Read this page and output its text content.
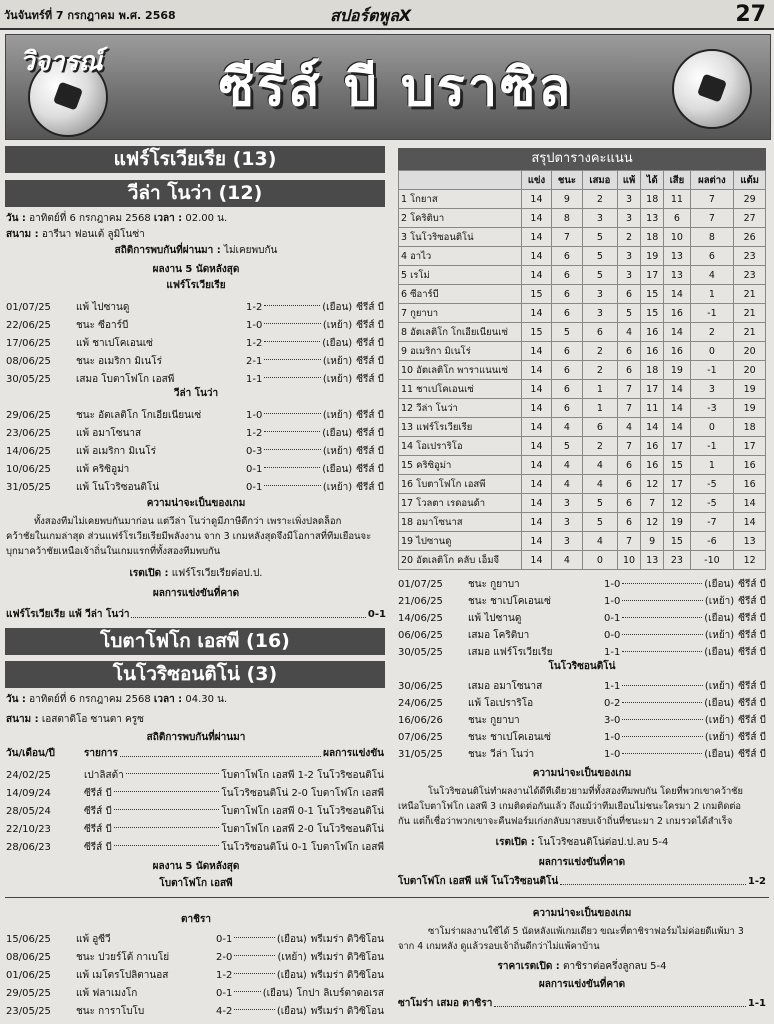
วันจันทร์ที่ 7 กรกฎาคม พ.ศ. 2568	สปอร์ตพูลX	27
วิจารณ์	ซีรีส์ บี บราซิล
แฟร์โรเวียเรีย (13)
วีล่า โนว่า (12)
วัน : อาทิตย์ที่ 6 กรกฎาคม 2568 เวลา : 02.00 น.
สนาม : อารีนา ฟอนเต้ ลูมิโนซ่า
สถิติการพบกันที่ผ่านมา : ไม่เคยพบกัน
ผลงาน 5 นัดหลังสุด
แฟร์โรเวียเรีย
01/07/25	แพ้ ไปซานดู	1-2	(เยือน) ซีรีส์ บี
22/06/25	ชนะ ซีอาร์บี	1-0	(เหย้า) ซีรีส์ บี
17/06/25	แพ้ ชาเปโคเอนเซ่	1-2	(เยือน) ซีรีส์ บี
08/06/25	ชนะ อเมริกา มิเนโร่	2-1	(เหย้า) ซีรีส์ บี
30/05/25	เสมอ โบตาโฟโก เอสพี	1-1	(เหย้า) ซีรีส์ บี
วีล่า โนว่า
29/06/25	ชนะ อัตเลติโก โกเอียเนียนเซ่	1-0	(เหย้า) ซีรีส์ บี
23/06/25	แพ้ อมาโซนาส	1-2	(เยือน) ซีรีส์ บี
14/06/25	แพ้ อเมริกา มิเนโร่	0-3	(เหย้า) ซีรีส์ บี
10/06/25	แพ้ คริซิอูม่า	0-1	(เยือน) ซีรีส์ บี
31/05/25	แพ้ โนโวริซอนติโน่	0-1	(เหย้า) ซีรีส์ บี
ความน่าจะเป็นของเกม
ทั้งสองทีมไม่เคยพบกันมาก่อน แต่วีล่า โนว่าดูมีภาษีดีกว่า เพราะเพิ่งปลดล็อก
คว้าชัยในเกมล่าสุด ส่วนแฟร์โรเวียเรียมีพลังงาน จาก 3 เกมหลังสุดจึงมีโอกาสที่ทีมเยือนจะ
บุกมาคว้าชัยเหนือเจ้าถิ่นในเกมแรกที่ทั้งสองทีมพบกัน
เรตเปิด : แฟร์โรเวียเรียต่อป.ป.
ผลการแข่งขันที่คาด
แฟร์โรเวียเรีย แพ้ วีล่า โนว่า	0-1
โบตาโฟโก เอสพี (16)
โนโวริซอนติโน่ (3)
วัน : อาทิตย์ที่ 6 กรกฎาคม 2568 เวลา : 04.30 น.
สนาม : เอสตาดิโอ ซานตา ครูซ
สถิติการพบกันที่ผ่านมา
วัน/เดือน/ปี	รายการ	ผลการแข่งขัน
24/02/25	เปาลิสต้า	โบตาโฟโก เอสพี 1-2 โนโวริซอนติโน่
14/09/24	ซีรีส์ บี	โนโวริซอนติโน่ 2-0 โบตาโฟโก เอสพี
28/05/24	ซีรีส์ บี	โบตาโฟโก เอสพี 0-1 โนโวริซอนติโน่
22/10/23	ซีรีส์ บี	โบตาโฟโก เอสพี 2-0 โนโวริซอนติโน่
28/06/23	ซีรีส์ บี	โนโวริซอนติโน่ 0-1 โบตาโฟโก เอสพี
ผลงาน 5 นัดหลังสุด
โบตาโฟโก เอสพี
ตาชิรา
15/06/25	แพ้ อูซีวี	0-1	(เยือน) พรีเมร่า ดิวิซิโอน
08/06/25	ชนะ ปวยร์โต้ กาเบโย่	2-0	(เหย้า) พรีเมร่า ดิวิซิโอน
01/06/25	แพ้ เมโตรโปลิตานอส	1-2	(เยือน) พรีเมร่า ดิวิซิโอน
29/05/25	แพ้ ฟลาเมงโก	0-1	(เยือน) โกปา ลิเบร์ตาดอเรส
23/05/25	ชนะ การาโบโบ	4-2	(เยือน) พรีเมร่า ดิวิซิโอน
สรุปตารางคะแนน
	แข่ง	ชนะ	เสมอ	แพ้	ได้	เสีย	ผลต่าง	แต้ม
1 โกยาส	14	9	2	3	18	11	7	29
2 โคริติบา	14	8	3	3	13	6	7	27
3 โนโวริซอนติโน่	14	7	5	2	18	10	8	26
4 อาไว	14	6	5	3	19	13	6	23
5 เรโม่	14	6	5	3	17	13	4	23
6 ซีอาร์บี	15	6	3	6	15	14	1	21
7 กูยาบา	14	6	3	5	15	16	-1	21
8 อัตเลติโก โกเอียเนียนเซ่	15	5	6	4	16	14	2	21
9 อเมริกา มิเนโร่	14	6	2	6	16	16	0	20
10 อัตเลติโก พาราแนนเซ่	14	6	2	6	18	19	-1	20
11 ชาเปโคเอนเซ่	14	6	1	7	17	14	3	19
12 วีล่า โนว่า	14	6	1	7	11	14	-3	19
13 แฟร์โรเวียเรีย	14	4	6	4	14	14	0	18
14 โอเปราริโอ	14	5	2	7	16	17	-1	17
15 คริซิอูม่า	14	4	4	6	16	15	1	16
16 โบตาโฟโก เอสพี	14	4	4	6	12	17	-5	16
17 โวลตา เรดอนด้า	14	3	5	6	7	12	-5	14
18 อมาโซนาส	14	3	5	6	12	19	-7	14
19 ไปซานดู	14	3	4	7	9	15	-6	13
20 อัตเลติโก คลับ เอ็มจี	14	4	0	10	13	23	-10	12
01/07/25	ชนะ กูยาบา	1-0	(เยือน) ซีรีส์ บี
21/06/25	ชนะ ชาเปโคเอนเซ่	1-0	(เหย้า) ซีรีส์ บี
14/06/25	แพ้ ไปซานดู	0-1	(เยือน) ซีรีส์ บี
06/06/25	เสมอ โคริติบา	0-0	(เหย้า) ซีรีส์ บี
30/05/25	เสมอ แฟร์โรเวียเรีย	1-1	(เยือน) ซีรีส์ บี
โนโวริซอนติโน่
30/06/25	เสมอ อมาโซนาส	1-1	(เหย้า) ซีรีส์ บี
24/06/25	แพ้ โอเปราริโอ	0-2	(เยือน) ซีรีส์ บี
16/06/26	ชนะ กูยาบา	3-0	(เหย้า) ซีรีส์ บี
07/06/25	ชนะ ชาเปโคเอนเซ่	1-0	(เหย้า) ซีรีส์ บี
31/05/25	ชนะ วีล่า โนว่า	1-0	(เยือน) ซีรีส์ บี
ความน่าจะเป็นของเกม
โนโวริซอนติโน่ทำผลงานได้ดีทีเดียวยามที่ทั้งสองทีมพบกัน โดยที่พวกเขาคว้าชัย
เหนือโบตาโฟโก เอสพี 3 เกมติดต่อกันแล้ว ถึงแม้ว่าทีมเยือนไม่ชนะใครมา 2 เกมติดต่อ
กัน แต่ก็เชื่อว่าพวกเขาจะคืนฟอร์มเก่งกลับมาสยบเจ้าถิ่นที่ชนะมา 2 เกมรวดได้สำเร็จ
เรตเปิด : โนโวริซอนติโน่ต่อป.ป.ลบ 5-4
ผลการแข่งขันที่คาด
โบตาโฟโก เอสพี แพ้ โนโวริซอนติโน่	1-2
ความน่าจะเป็นของเกม
ซาโมร่าผลงานใช้ได้ 5 นัดหลังแพ้เกมเดียว ขณะที่ตาชิราฟอร์มไม่ค่อยดีแพ้มา 3
จาก 4 เกมหลัง ดูแล้วรอบเจ้าถิ่นดีกว่าไม่แพ้คาบ้าน
ราคาเรตเปิด : ตาชิราต่อครึ่งลูกลบ 5-4
ผลการแข่งขันที่คาด
ซาโมร่า เสมอ ตาชิรา	1-1
